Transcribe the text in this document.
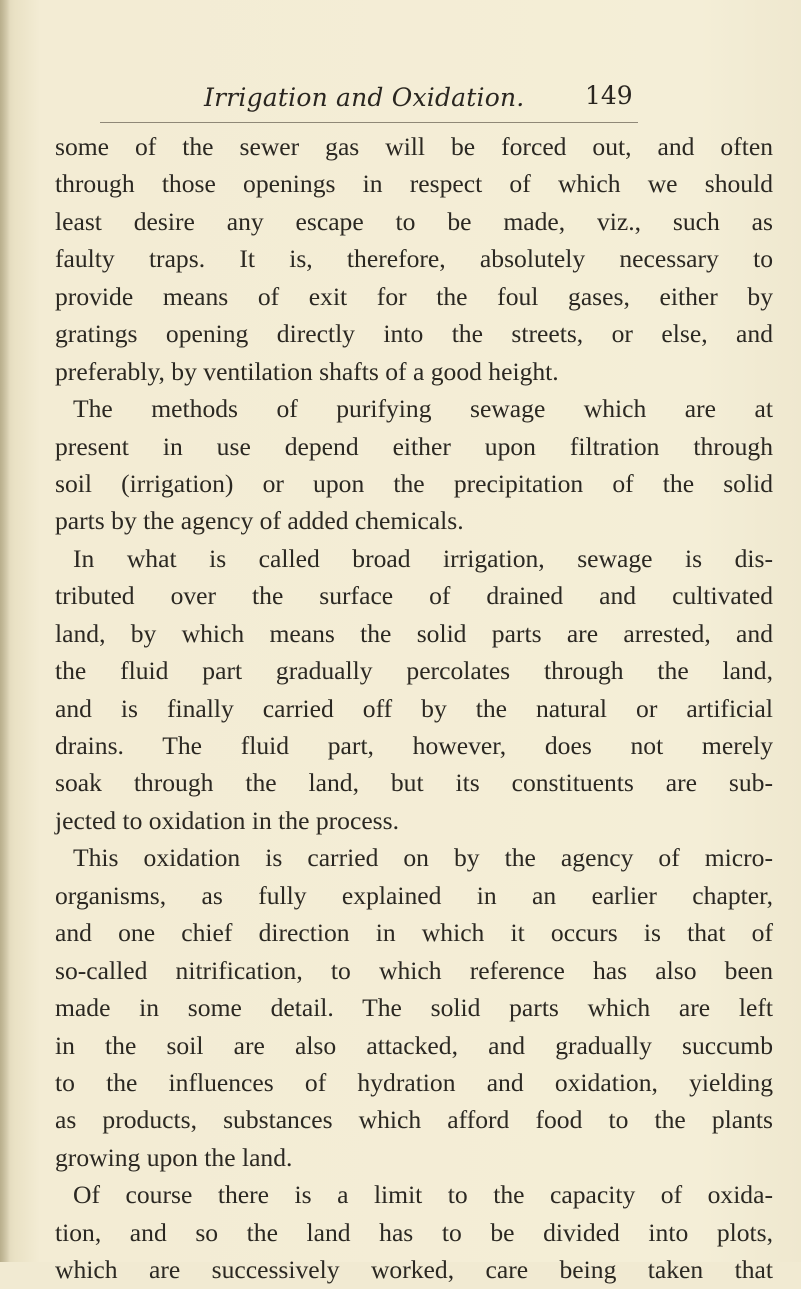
Irrigation and Oxidation. 149
some of the sewer gas will be forced out, and often
through those openings in respect of which we should
least desire any escape to be made, viz., such as
faulty traps. It is, therefore, absolutely necessary to
provide means of exit for the foul gases, either by
gratings opening directly into the streets, or else, and
preferably, by ventilation shafts of a good height.
The methods of purifying sewage which are at
present in use depend either upon filtration through
soil (irrigation) or upon the precipitation of the solid
parts by the agency of added chemicals.
In what is called broad irrigation, sewage is dis-
tributed over the surface of drained and cultivated
land, by which means the solid parts are arrested, and
the fluid part gradually percolates through the land,
and is finally carried off by the natural or artificial
drains. The fluid part, however, does not merely
soak through the land, but its constituents are sub-
jected to oxidation in the process.
This oxidation is carried on by the agency of micro-
organisms, as fully explained in an earlier chapter,
and one chief direction in which it occurs is that of
so-called nitrification, to which reference has also been
made in some detail. The solid parts which are left
in the soil are also attacked, and gradually succumb
to the influences of hydration and oxidation, yielding
as products, substances which afford food to the plants
growing upon the land.
Of course there is a limit to the capacity of oxida-
tion, and so the land has to be divided into plots,
which are successively worked, care being taken that
